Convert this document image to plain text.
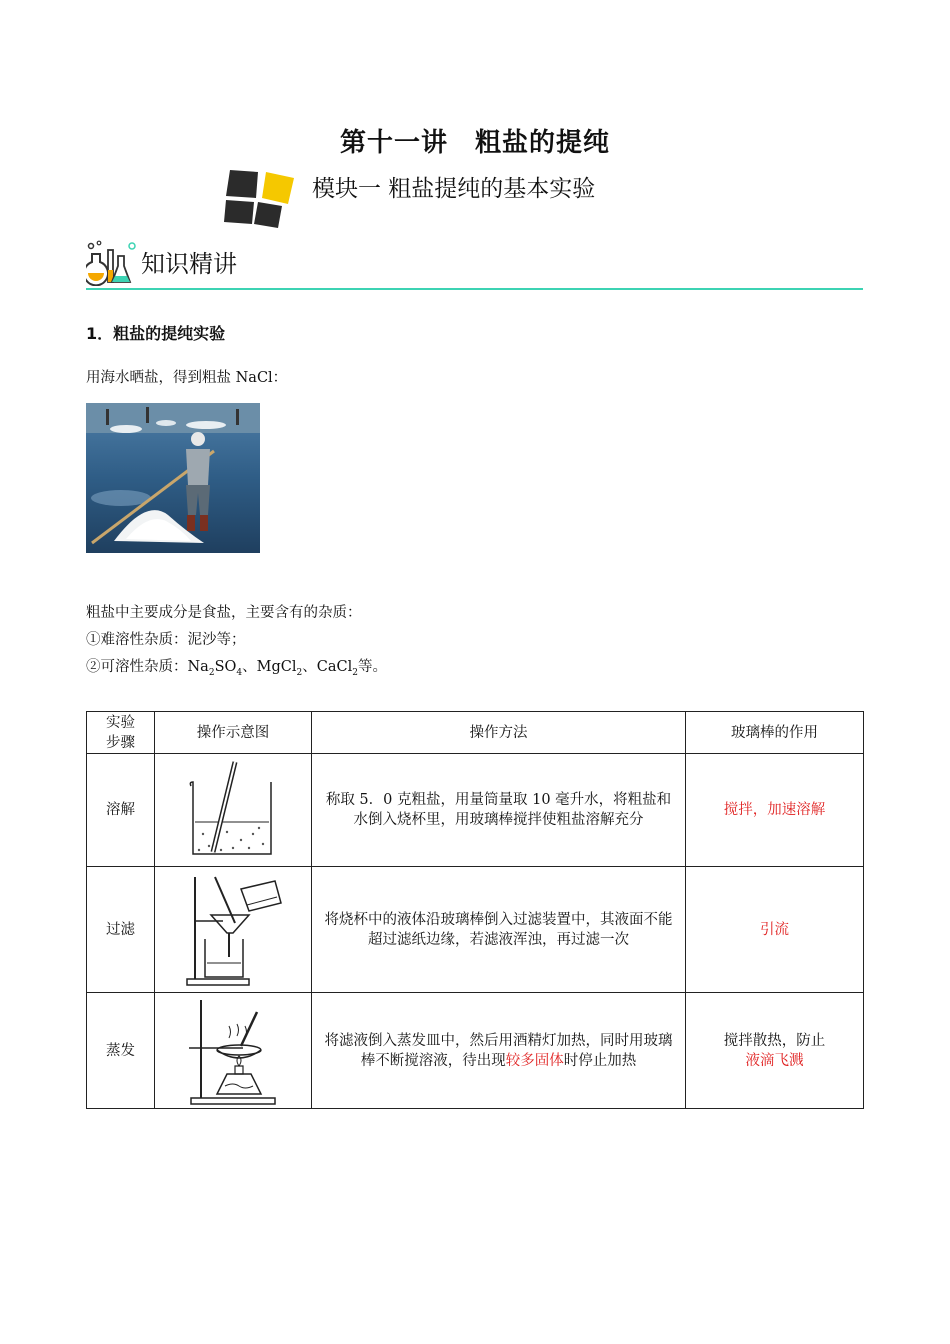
第十一讲　粗盐的提纯
模块一 粗盐提纯的基本实验
知识精讲
1．粗盐的提纯实验
用海水晒盐，得到粗盐 NaCl：
粗盐中主要成分是食盐，主要含有的杂质：
①难溶性杂质：泥沙等；
②可溶性杂质：$Na_2SO_4$、MgCl$_2$、CaCl$_2$等。
实验
步骤	操作示意图	操作方法	玻璃棒的作用
溶解		称取 5．0 克粗盐，用量筒量取 10 毫升水，将粗盐和水倒入烧杯里，用玻璃棒搅拌使粗盐溶解充分	搅拌，加速溶解
过滤		将烧杯中的液体沿玻璃棒倒入过滤装置中，其液面不能超过滤纸边缘，若滤液浑浊，再过滤一次	引流
蒸发		将滤液倒入蒸发皿中，然后用酒精灯加热，同时用玻璃棒不断搅溶液，待出现较多固体时停止加热	搅拌散热，防止
液滴飞溅
